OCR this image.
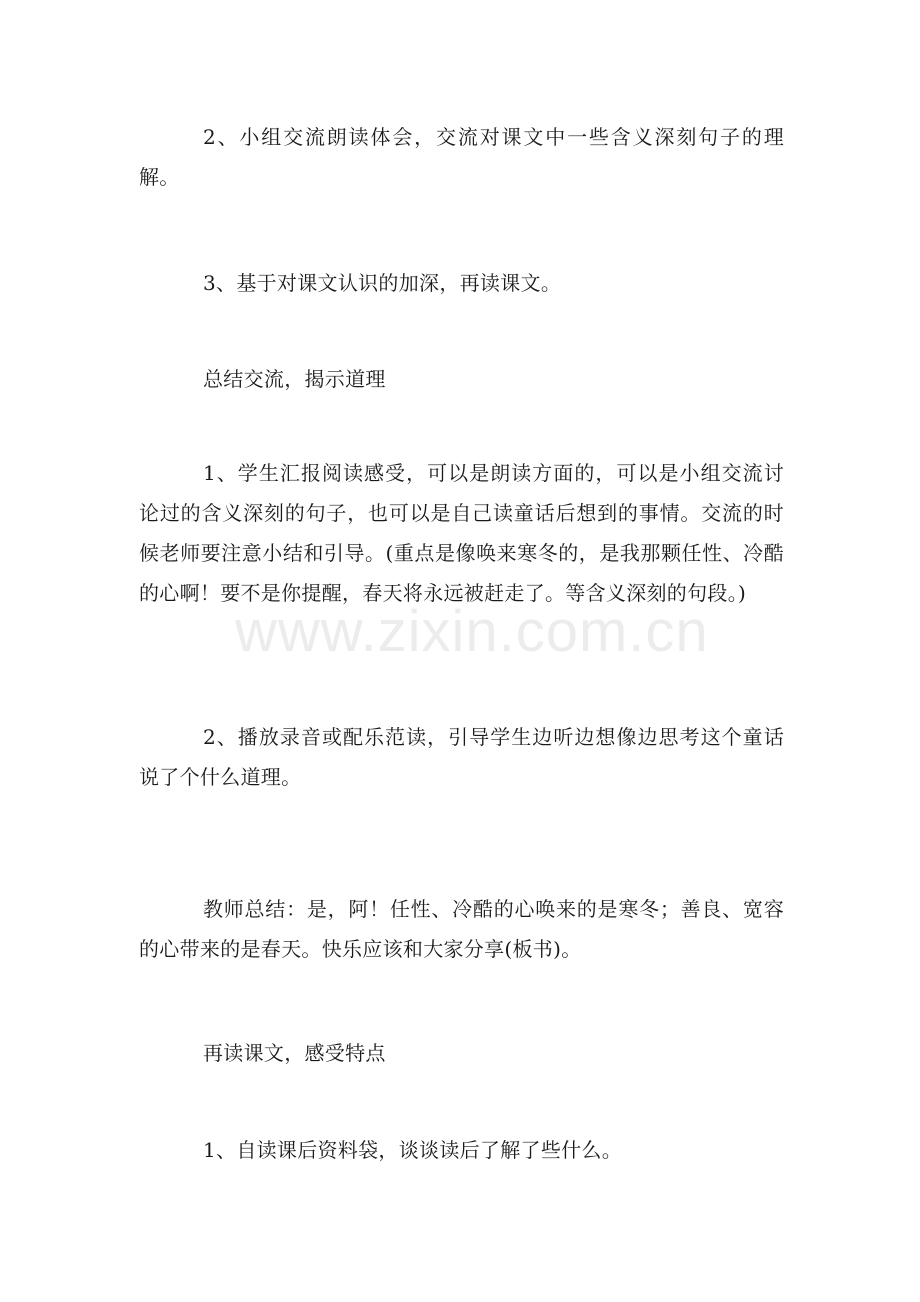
2、小组交流朗读体会，交流对课文中一些含义深刻句子的理解。

3、基于对课文认识的加深，再读课文。

总结交流，揭示道理

1、学生汇报阅读感受，可以是朗读方面的，可以是小组交流讨论过的含义深刻的句子，也可以是自己读童话后想到的事情。交流的时候老师要注意小结和引导。(重点是像唤来寒冬的，是我那颗任性、冷酷的心啊！要不是你提醒，春天将永远被赶走了。等含义深刻的句段。)

2、播放录音或配乐范读，引导学生边听边想像边思考这个童话说了个什么道理。

教师总结：是，阿！任性、冷酷的心唤来的是寒冬；善良、宽容的心带来的是春天。快乐应该和大家分享(板书)。

再读课文，感受特点

1、自读课后资料袋，谈谈读后了解了些什么。

www.zixin.com.cn
